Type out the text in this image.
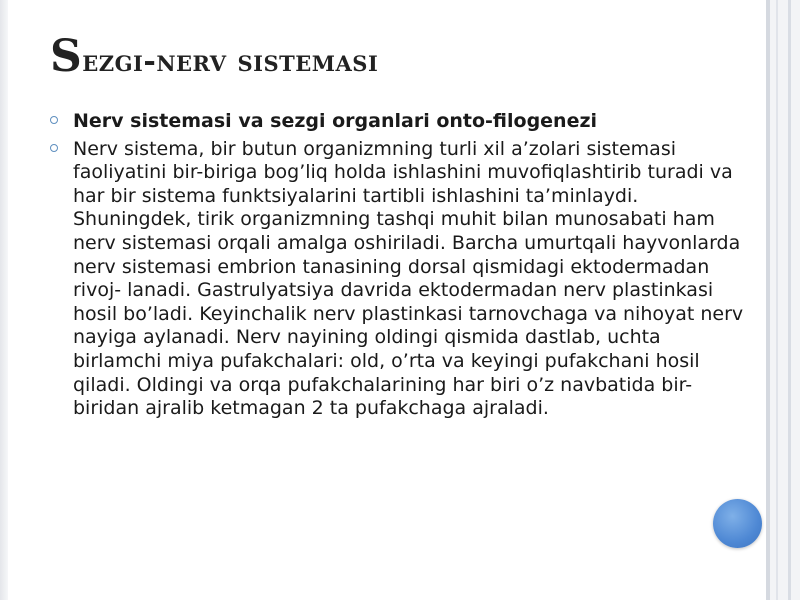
Sezgi-nerv sistemasi
Nerv sistemasi va sezgi organlari onto-filogenezi
Nerv sistema, bir butun organizmning turli xil a’zolari sistemasi faoliyatini bir-biriga bog’liq holda ishlashini muvofiqlashtirib turadi va har bir sistema funktsiyalarini tartibli ishlashini ta’minlaydi. Shuningdek, tirik organizmning tashqi muhit bilan munosabati ham nerv sistemasi orqali amalga oshiriladi. Barcha umurtqali hayvonlarda nerv sistemasi embrion tanasining dorsal qismidagi ektodermadan rivoj- lanadi. Gastrulyatsiya davrida ektodermadan nerv plastinkasi hosil bo’ladi. Keyinchalik nerv plastinkasi tarnovchaga va nihoyat nerv nayiga aylanadi. Nerv nayining oldingi qismida dastlab, uchta birlamchi miya pufakchalari: old, o’rta va keyingi pufakchani hosil qiladi. Oldingi va orqa pufakchalarining har biri o’z navbatida bir-biridan ajralib ketmagan 2 ta pufakchaga ajraladi.
